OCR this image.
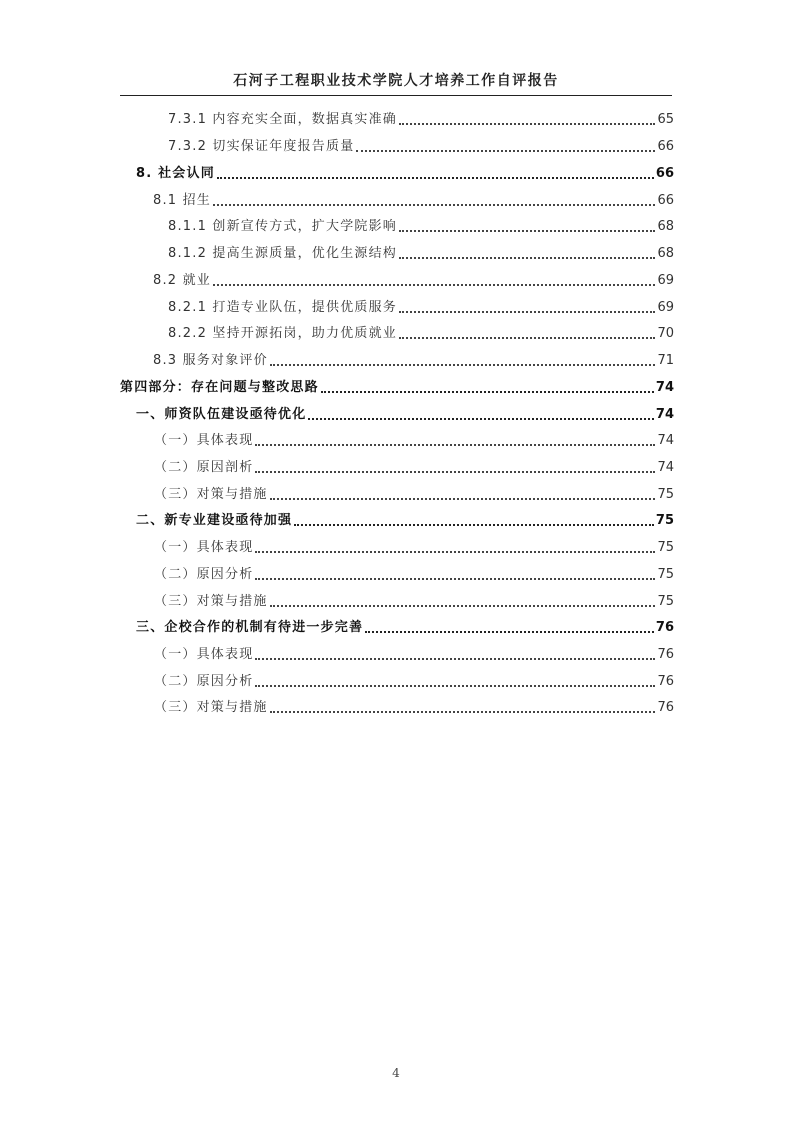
石河子工程职业技术学院人才培养工作自评报告
7.3.1 内容充实全面，数据真实准确	65
7.3.2 切实保证年度报告质量	66
8. 社会认同	66
8.1 招生	66
8.1.1 创新宣传方式，扩大学院影响	68
8.1.2 提高生源质量，优化生源结构	68
8.2 就业	69
8.2.1 打造专业队伍，提供优质服务	69
8.2.2 坚持开源拓岗，助力优质就业	70
8.3 服务对象评价	71
第四部分：存在问题与整改思路	74
一、师资队伍建设亟待优化	74
（一）具体表现	74
（二）原因剖析	74
（三）对策与措施	75
二、新专业建设亟待加强	75
（一）具体表现	75
（二）原因分析	75
（三）对策与措施	75
三、企校合作的机制有待进一步完善	76
（一）具体表现	76
（二）原因分析	76
（三）对策与措施	76
4
